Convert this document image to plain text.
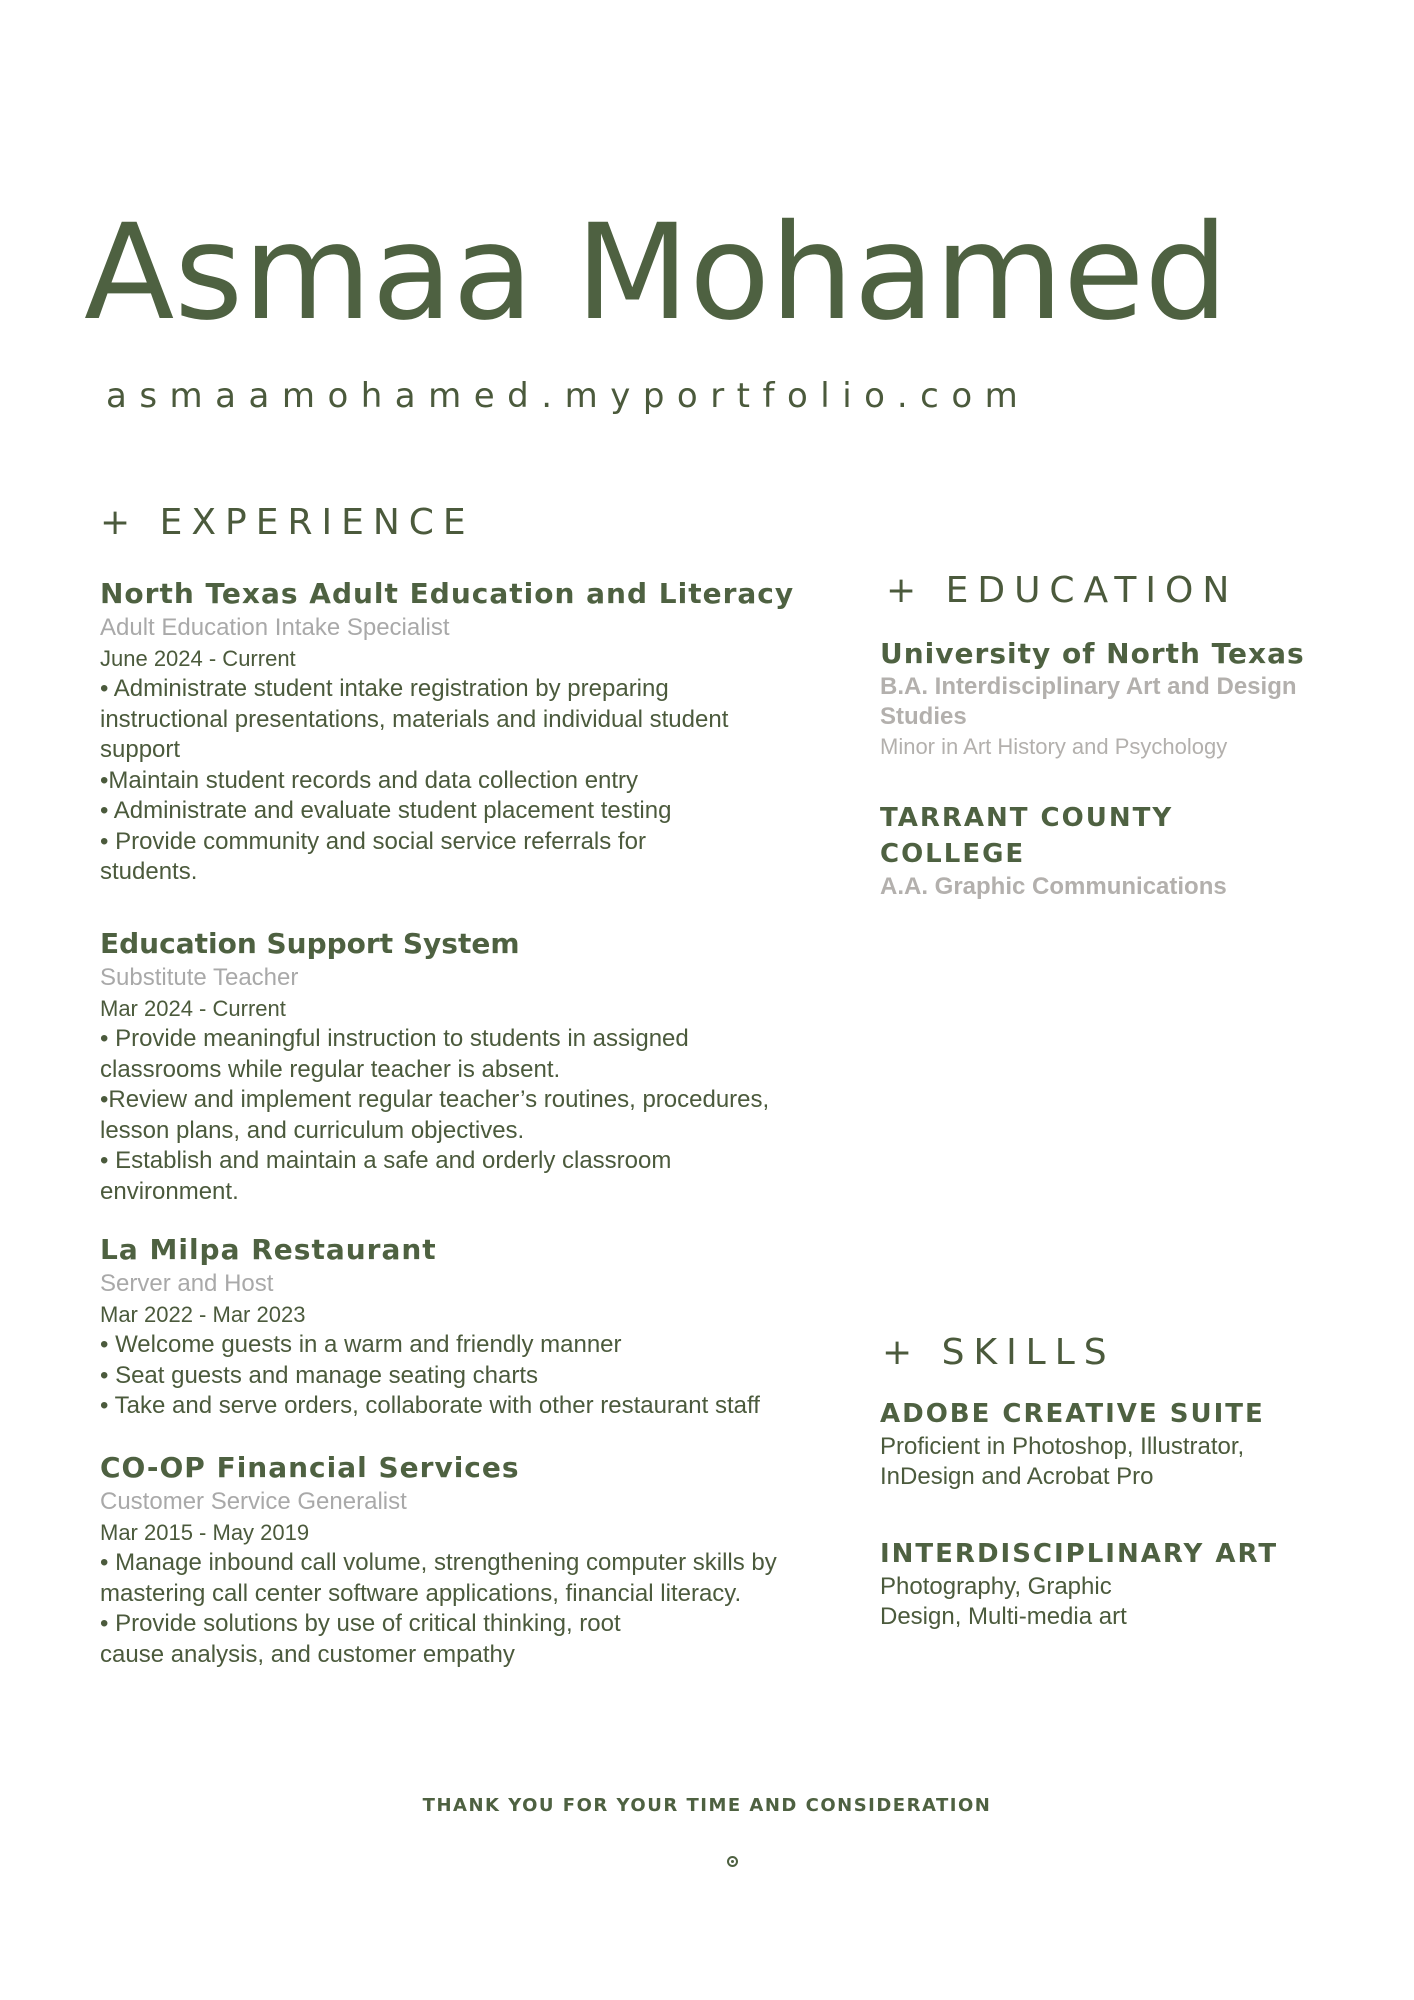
Asmaa Mohamed
asmaamohamed.myportfolio.com
+ EXPERIENCE
North Texas Adult Education and Literacy
Adult Education Intake Specialist
June 2024 - Current
• Administrate student intake registration by preparing instructional presentations, materials and individual student support
•Maintain student records and data collection entry
• Administrate and evaluate student placement testing
• Provide community and social service referrals for students.
Education Support System
Substitute Teacher
Mar 2024 - Current
• Provide meaningful instruction to students in assigned classrooms while regular teacher is absent.
•Review and implement regular teacher’s routines, procedures, lesson plans, and curriculum objectives.
• Establish and maintain a safe and orderly classroom environment.
La Milpa Restaurant
Server and Host
Mar 2022 - Mar 2023
• Welcome guests in a warm and friendly manner
• Seat guests and manage seating charts
• Take and serve orders, collaborate with other restaurant staff
CO-OP Financial Services
Customer Service Generalist
Mar 2015 - May 2019
• Manage inbound call volume, strengthening computer skills by mastering call center software applications, financial literacy.
• Provide solutions by use of critical thinking, root cause analysis, and customer empathy
+ EDUCATION
University of North Texas
B.A. Interdisciplinary Art and Design Studies
Minor in Art History and Psychology
TARRANT COUNTY COLLEGE
A.A. Graphic Communications
+ SKILLS
ADOBE CREATIVE SUITE
Proficient in Photoshop, Illustrator, InDesign and Acrobat Pro
INTERDISCIPLINARY ART
Photography, Graphic Design, Multi-media art
THANK YOU FOR YOUR TIME AND CONSIDERATION
